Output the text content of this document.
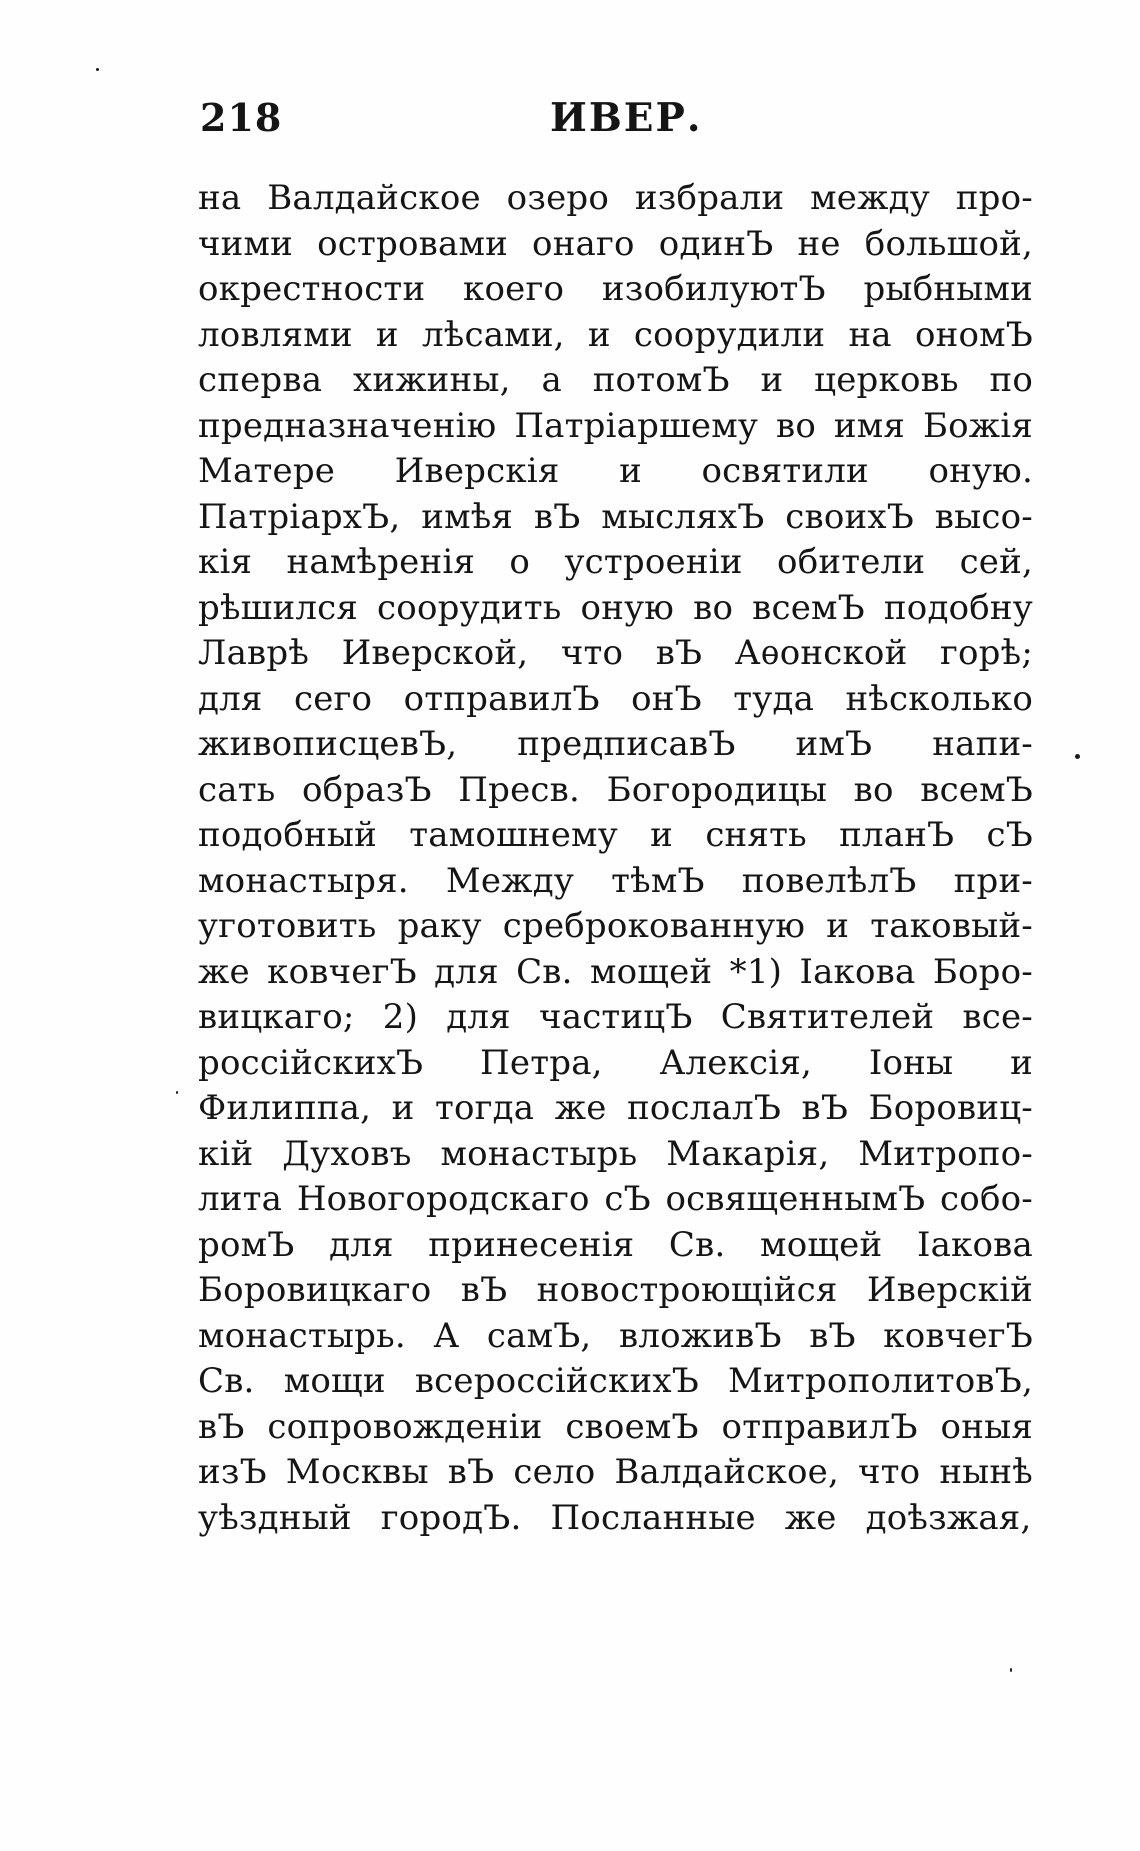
218	ИВЕР.
на Валдайское озеро избрали между про-
чими островами онаго одинЪ не большой,
окрестности коего изобилуютЪ рыбными
ловлями и лѣсами, и соорудили на ономЪ
сперва хижины, а потомЪ и церковь по
предназначенію Патріаршему во имя Божія
Матере Иверскія и освятили оную.
ПатріархЪ, имѣя вЪ мысляхЪ своихЪ высо-
кія намѣренія о устроеніи обители сей,
рѣшился соорудить оную во всемЪ подобну
Лаврѣ Иверской, что вЪ Аѳонской горѣ;
для сего отправилЪ онЪ туда нѣсколько
живописцевЪ, предписавЪ имЪ напи-
сать образЪ Пресв. Богородицы во всемЪ
подобный тамошнему и снять планЪ сЪ
монастыря. Между тѣмЪ повелѣлЪ при-
уготовить раку среброкованную и таковый-
же ковчегЪ для Св. мощей *1) Іакова Боро-
вицкаго; 2) для частицЪ Святителей все-
россійскихЪ Петра, Алексія, Іоны и
Филиппа, и тогда же послалЪ вЪ Боровиц-
кій Духовъ монастырь Макарія, Митропо-
лита Новогородскаго сЪ освященнымЪ собо-
ромЪ для принесенія Св. мощей Іакова
Боровицкаго вЪ новостроющійся Иверскій
монастырь. А самЪ, вложивЪ вЪ ковчегЪ
Св. мощи всероссійскихЪ МитрополитовЪ,
вЪ сопровожденіи своемЪ отправилЪ оныя
изЪ Москвы вЪ село Валдайское, что нынѣ
уѣздный городЪ. Посланные же доѣзжая,
